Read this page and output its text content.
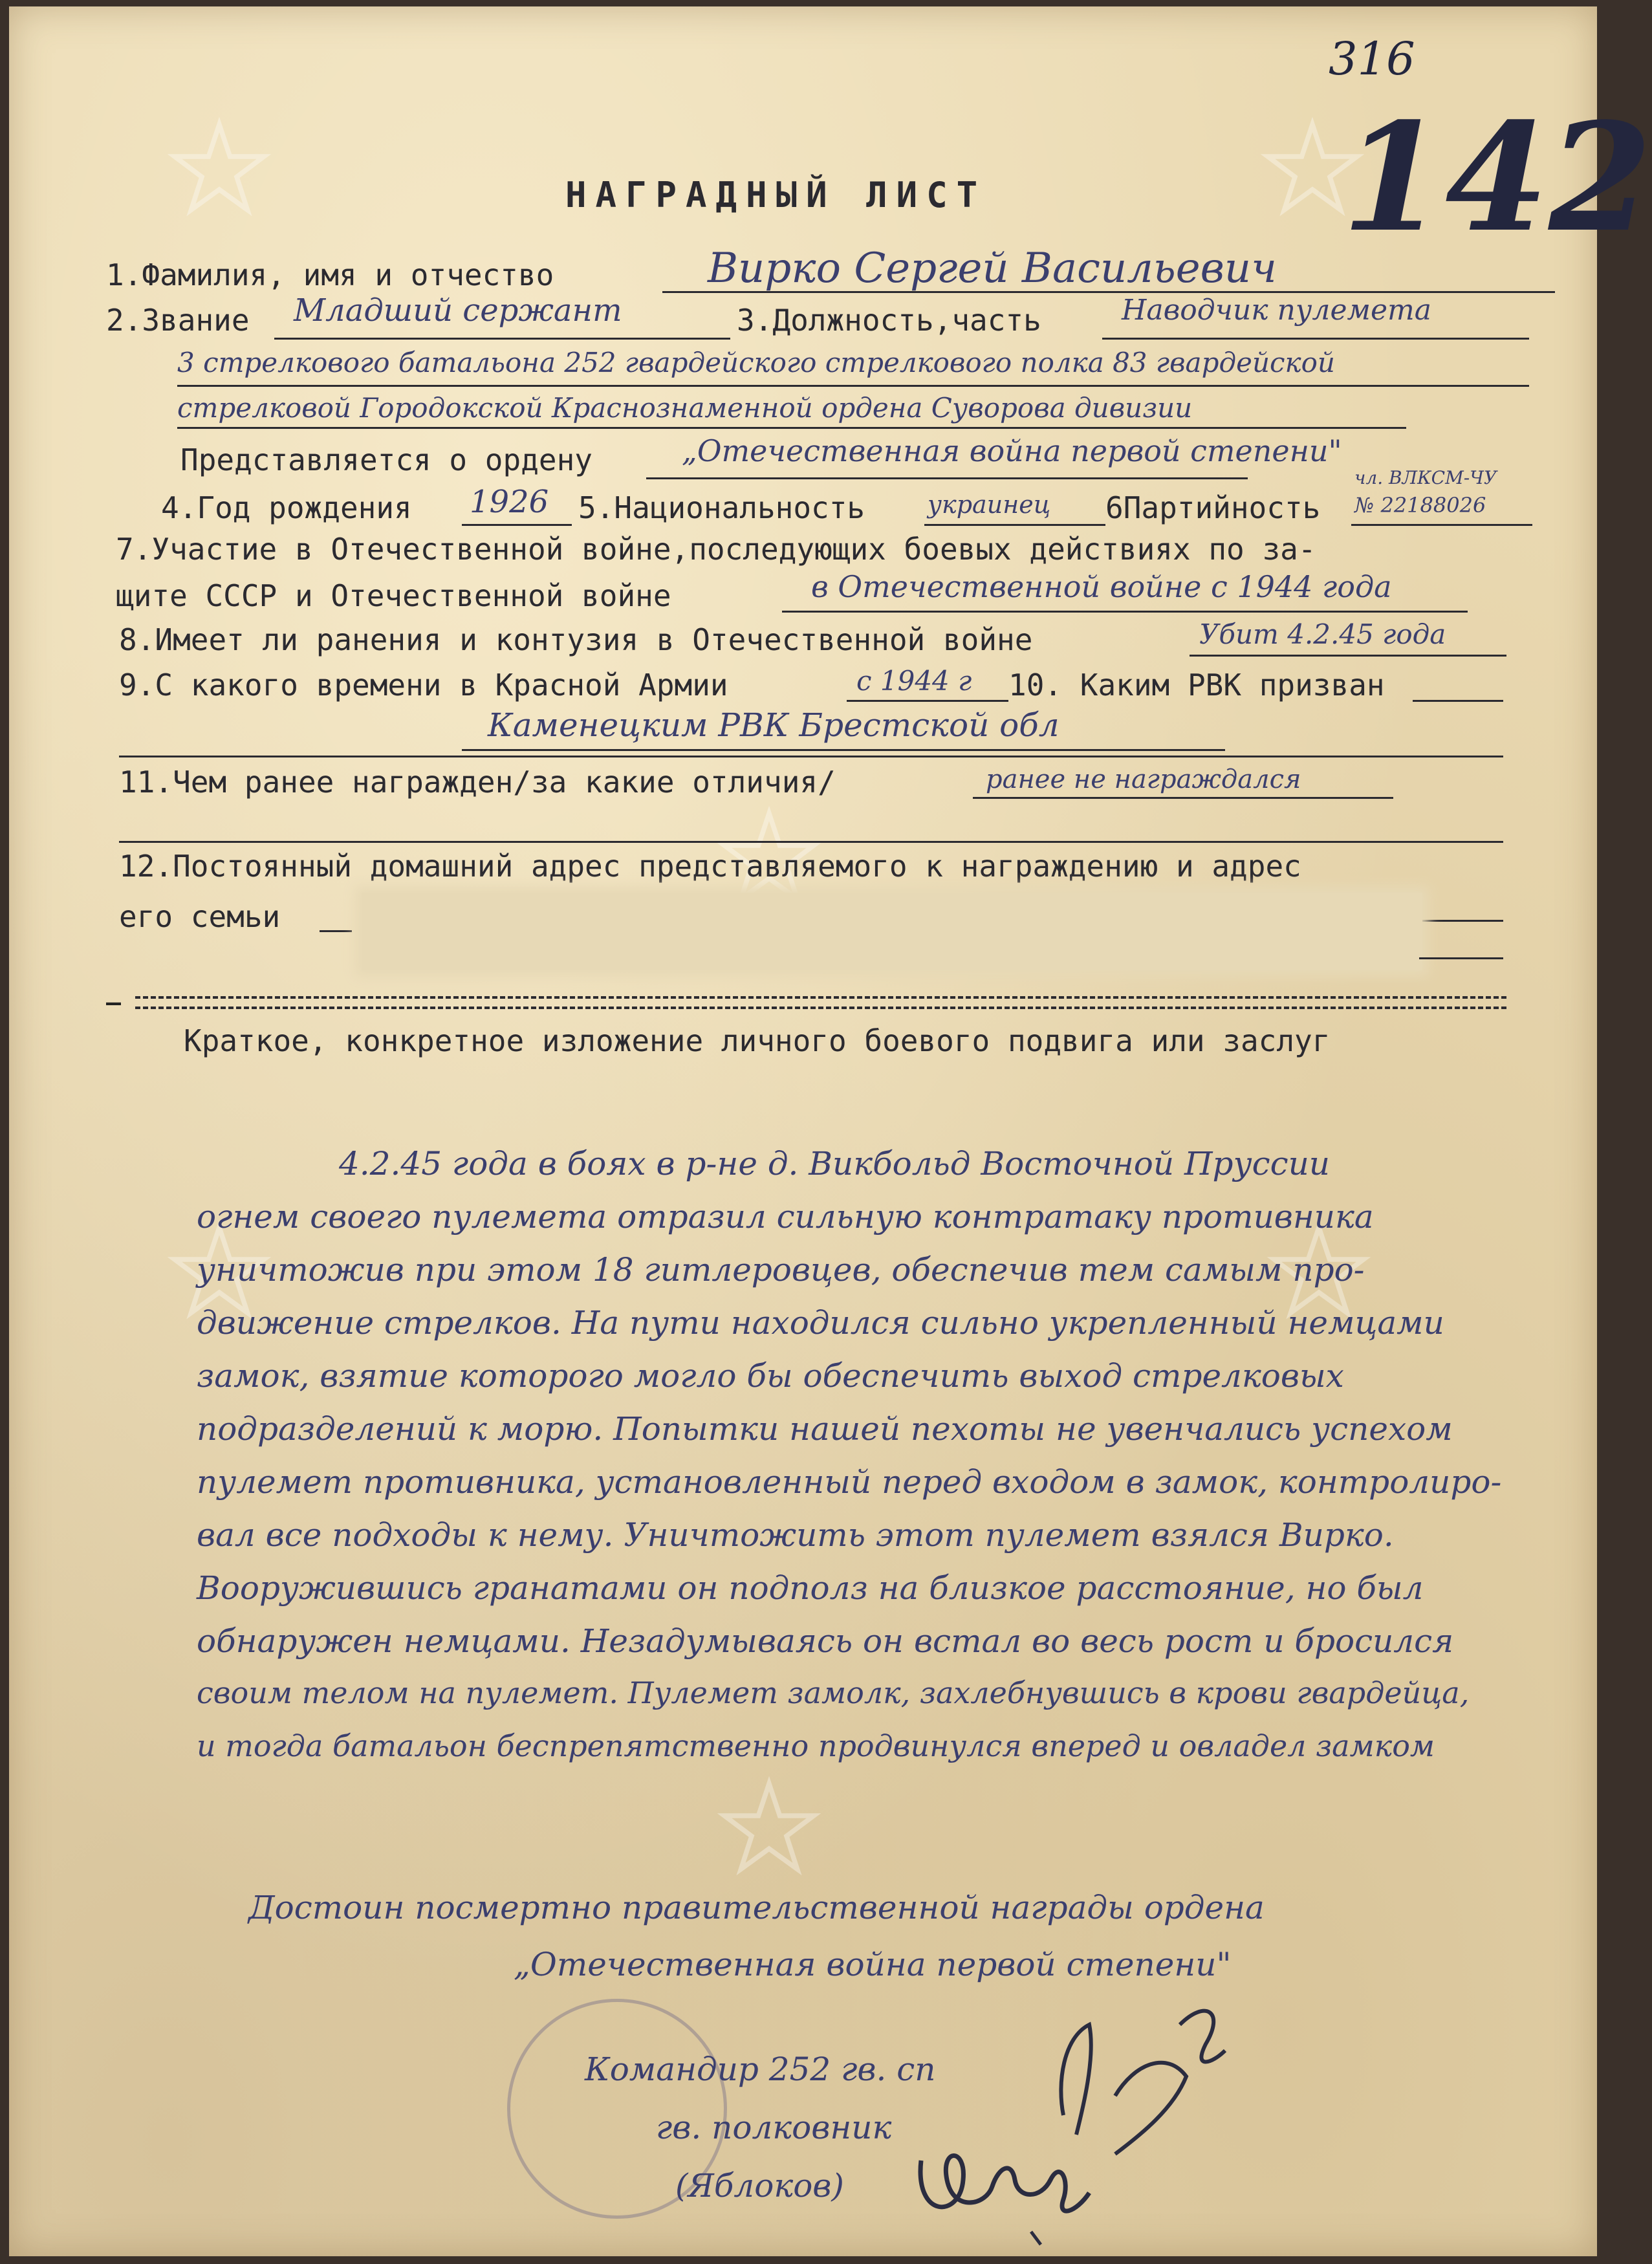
316
142
НАГРАДНЫЙ ЛИСТ
1.Фамилия, имя и отчество	Вирко Сергей Васильевич
2.Звание Младший сержант	3.Должность,часть	Наводчик пулемета
3 стрелкового батальона 252 гвардейского стрелкового полка 83 гвардейской
стрелковой Городокской Краснознаменной ордена Суворова дивизии
Представляется о ордену	„Отечественная война первой степени"
4.Год рождения 1926 5.Национальность	украинец 6Партийность
чл. ВЛКСМ-ЧУ
№ 22188026
7.Участие в Отечественной войне,последующих боевых действиях по за-
щите СССР и Отечественной войне	в Отечественной войне с 1944 года
8.Имеет ли ранения и контузия в Отечественной войне	Убит 4.2.45 года
9.С какого времени в Красной Армии	с 1944 г 10. Каким РВК призван
Каменецким РВК Брестской обл
11.Чем ранее награжден/за какие отличия/	ранее не награждался
12.Постоянный домашний адрес представляемого к награждению и адрес
его семьи
_
Краткое, конкретное изложение личного боевого подвига или заслуг
4.2.45 года в боях в р-не д. Викбольд Восточной Пруссии
огнем своего пулемета отразил сильную контратаку противника
уничтожив при этом 18 гитлеровцев, обеспечив тем самым про-
движение стрелков. На пути находился сильно укрепленный немцами
замок, взятие которого могло бы обеспечить выход стрелковых
подразделений к морю. Попытки нашей пехоты не увенчались успехом
пулемет противника, установленный перед входом в замок, контролиро-
вал все подходы к нему. Уничтожить этот пулемет взялся Вирко.
Вооружившись гранатами он подполз на близкое расстояние, но был
обнаружен немцами. Незадумываясь он встал во весь рост и бросился
своим телом на пулемет. Пулемет замолк, захлебнувшись в крови гвардейца,
и тогда батальон беспрепятственно продвинулся вперед и овладел замком
Достоин посмертно правительственной награды ордена
„Отечественная война первой степени"
Командир 252 гв. сп
гв. полковник
(Яблоков)
